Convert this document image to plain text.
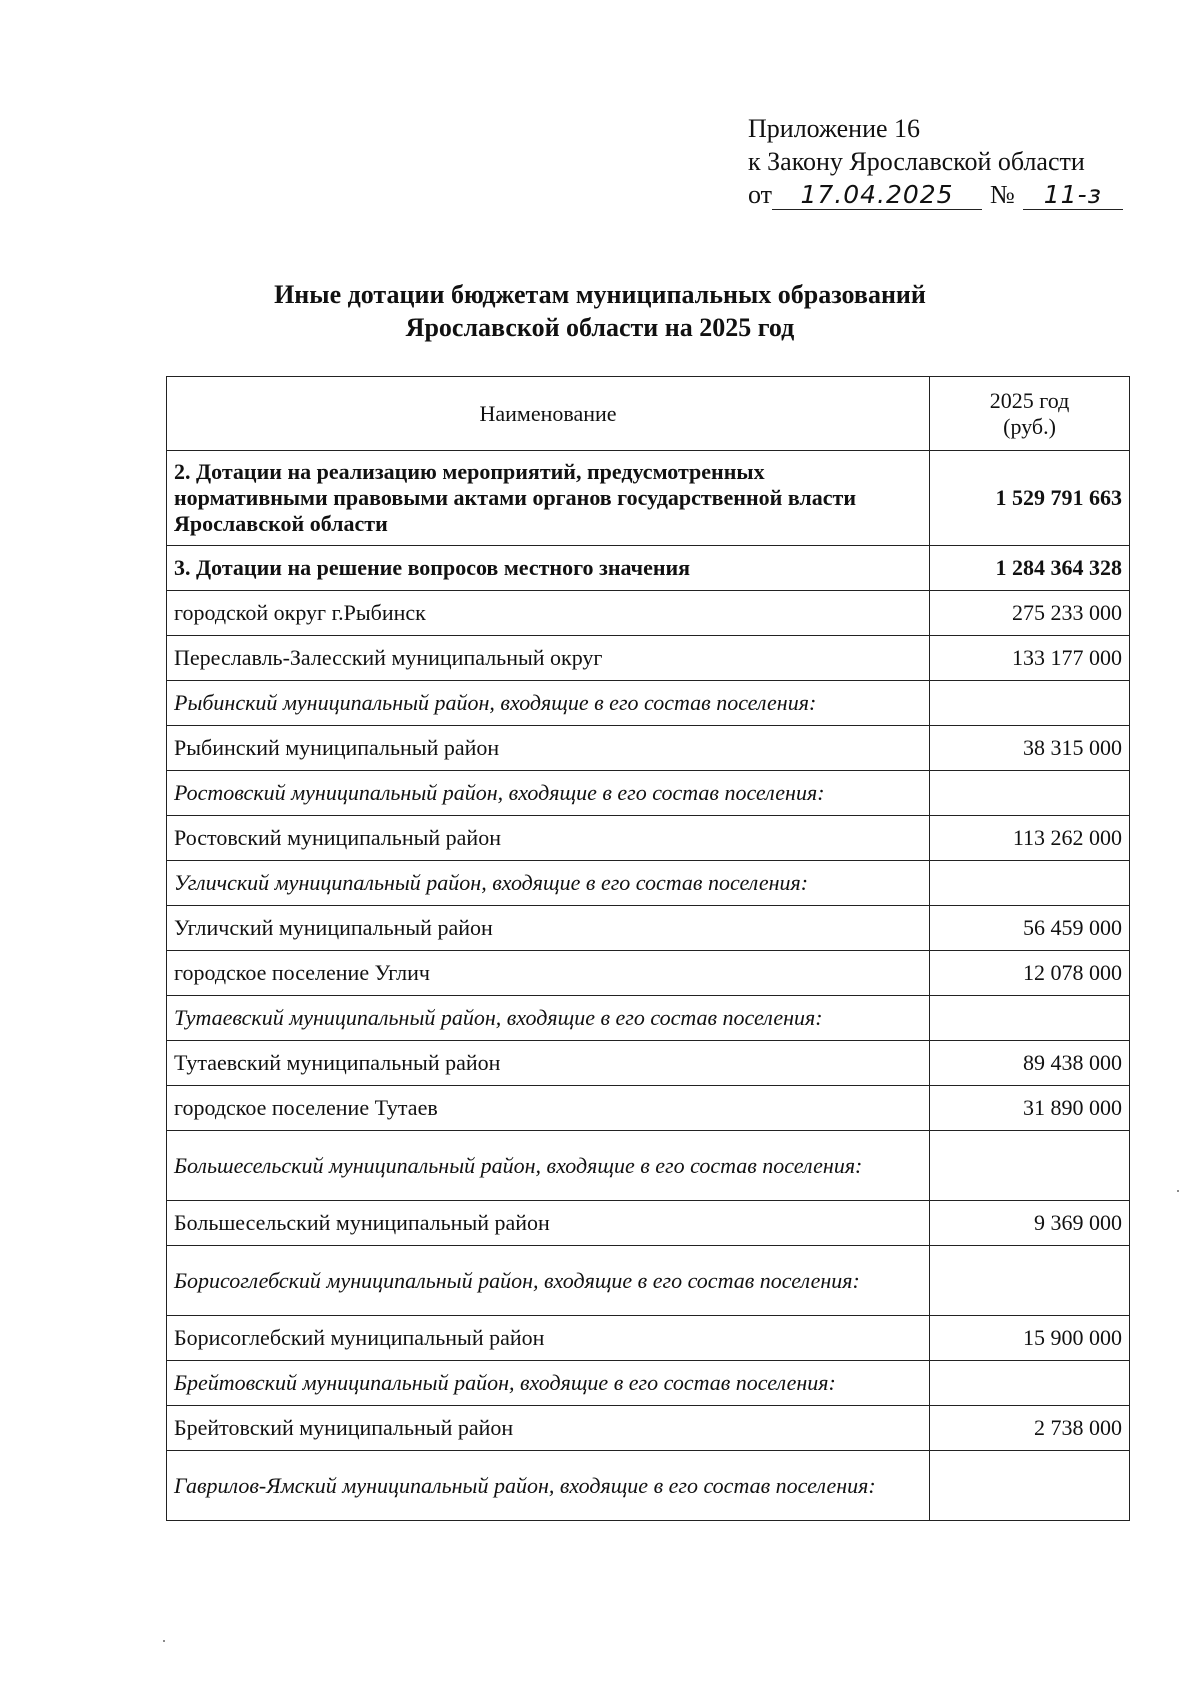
Приложение 16
к Закону Ярославской области
от 17.04.2025 № 11-з
Иные дотации бюджетам муниципальных образований
Ярославской области на 2025 год
Наименование	2025 год
(руб.)

2. Дотации на реализацию мероприятий, предусмотренных нормативными правовыми актами органов государственной власти Ярославской области	1 529 791 663
3. Дотации на решение вопросов местного значения	1 284 364 328
городской округ г.Рыбинск	275 233 000
Переславль-Залесский муниципальный округ	133 177 000
Рыбинский муниципальный район, входящие в его состав поселения:	
Рыбинский муниципальный район	38 315 000
Ростовский муниципальный район, входящие в его состав поселения:	
Ростовский муниципальный район	113 262 000
Угличский муниципальный район, входящие в его состав поселения:	
Угличский муниципальный район	56 459 000
городское поселение Углич	12 078 000
Тутаевский муниципальный район, входящие в его состав поселения:	
Тутаевский муниципальный район	89 438 000
городское поселение Тутаев	31 890 000
Большесельский муниципальный район, входящие в его состав поселения:	
Большесельский муниципальный район	9 369 000
Борисоглебский муниципальный район, входящие в его состав поселения:	
Борисоглебский муниципальный район	15 900 000
Брейтовский муниципальный район, входящие в его состав поселения:	
Брейтовский муниципальный район	2 738 000
Гаврилов-Ямский муниципальный район, входящие в его состав поселения:	
